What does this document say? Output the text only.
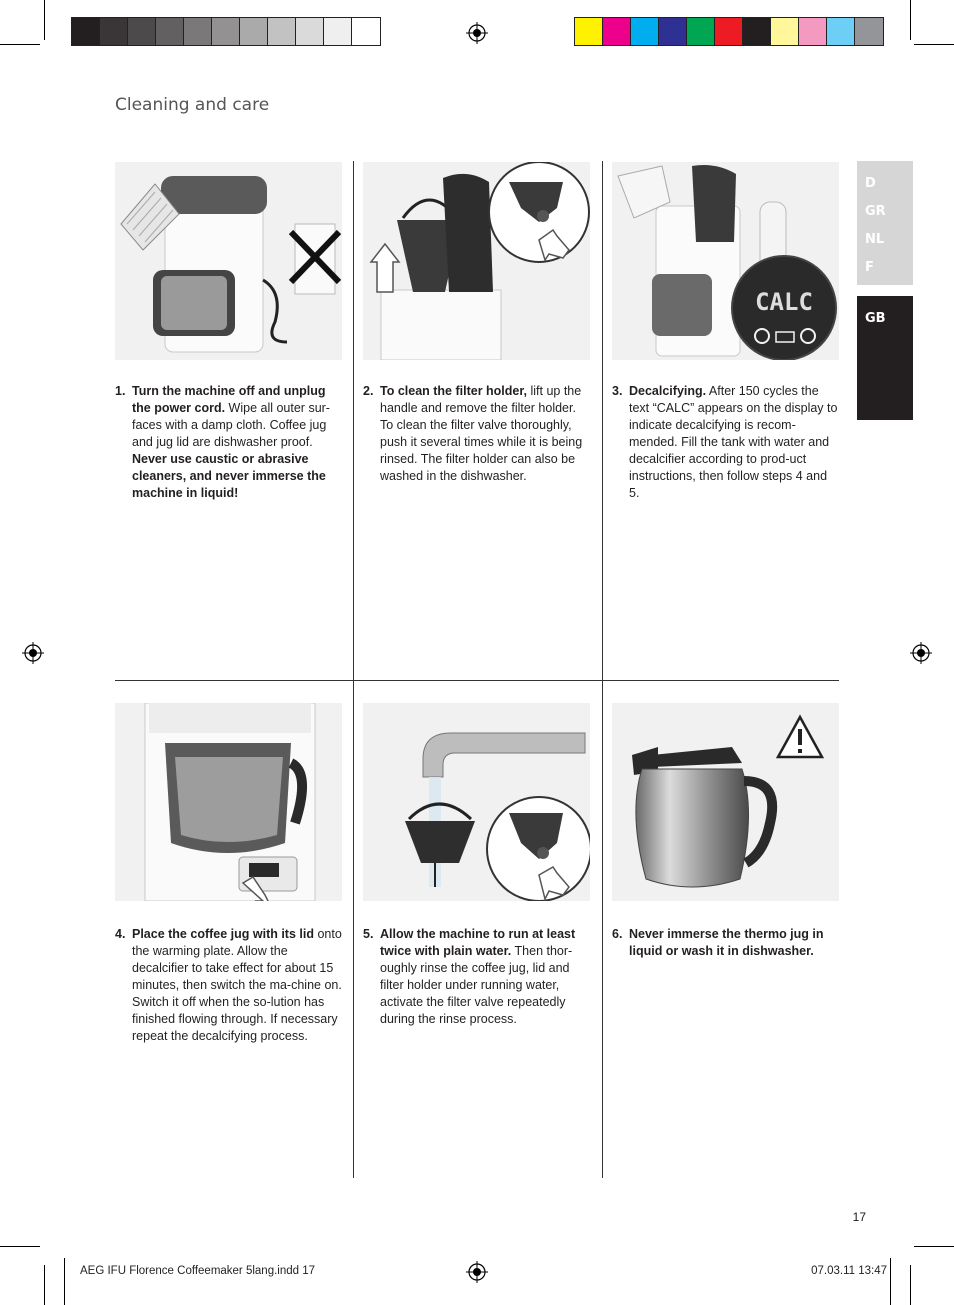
Cleaning and care
D
GR
NL
F
GB
CALC
1. Turn the machine off and unplug the power cord. Wipe all outer sur-faces with a damp cloth. Coffee jug and jug lid are dishwasher proof. Never use caustic or abrasive cleaners, and never immerse the machine in liquid!
2. To clean the filter holder, lift up the handle and remove the filter holder. To clean the filter valve thoroughly, push it several times while it is being rinsed. The filter holder can also be washed in the dishwasher.
3. Decalcifying. After 150 cycles the text “CALC” appears on the display to indicate decalcifying is recom-mended. Fill the tank with water and decalcifier according to prod-uct instructions, then follow steps 4 and 5.
4. Place the coffee jug with its lid onto the warming plate. Allow the decalcifier to take effect for about 15 minutes, then switch the ma-chine on. Switch it off when the so-lution has finished flowing through. If necessary repeat the decalcifying process.
5. Allow the machine to run at least twice with plain water. Then thor-oughly rinse the coffee jug, lid and filter holder under running water, activate the filter valve repeatedly during the rinse process.
6. Never immerse the thermo jug in liquid or wash it in dishwasher.
17
AEG IFU Florence Coffeemaker 5lang.indd 17	07.03.11 13:47
